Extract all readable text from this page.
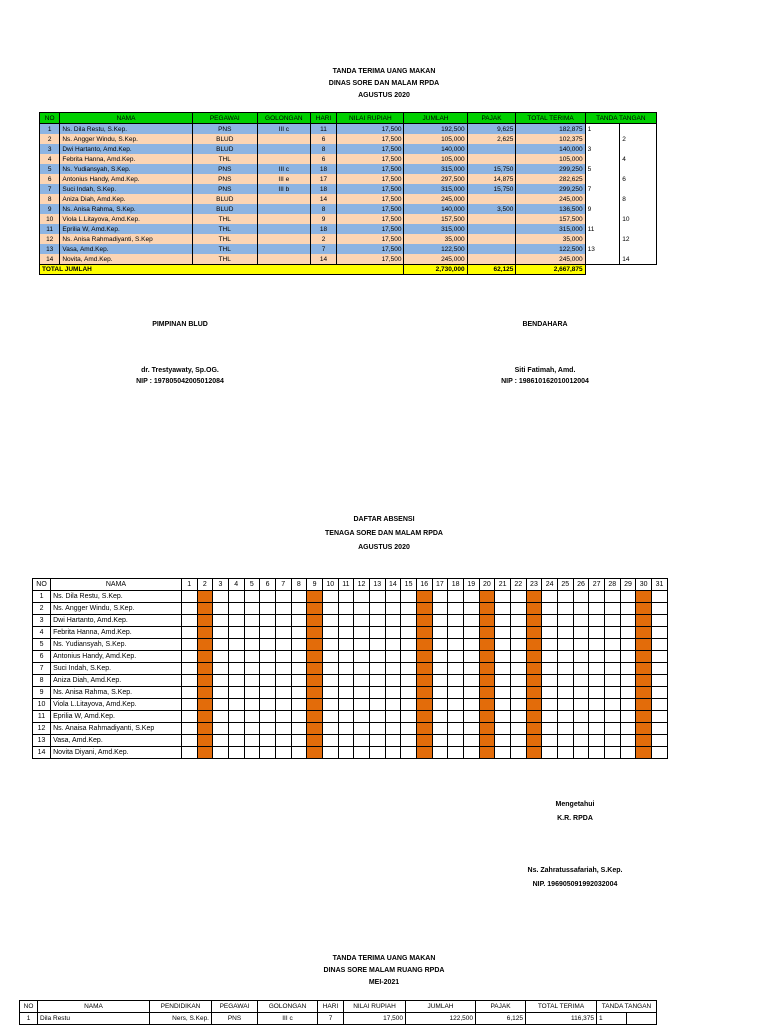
TANDA TERIMA UANG MAKAN
DINAS SORE DAN MALAM RPDA
AGUSTUS 2020
NO	NAMA	PEGAWAI	GOLONGAN	HARI	NILAI RUPIAH	JUMLAH	PAJAK	TOTAL TERIMA	TANDA TANGAN	
1	Ns. Dila Restu, S.Kep.	PNS	III c	11	17,500	192,500	9,625	182,875	1	
2	Ns. Angger Windu, S.Kep.	BLUD		6	17,500	105,000	2,625	102,375		2
3	Dwi Hartanto, Amd.Kep.	BLUD		8	17,500	140,000		140,000	3	
4	Febrita Hanna, Amd.Kep.	THL		6	17,500	105,000		105,000		4
5	Ns. Yudiansyah, S.Kep.	PNS	III c	18	17,500	315,000	15,750	299,250	5	
6	Antonius Handy, Amd.Kep.	PNS	III e	17	17,500	297,500	14,875	282,625		6
7	Suci Indah, S.Kep.	PNS	III b	18	17,500	315,000	15,750	299,250	7	
8	Aniza Diah, Amd.Kep.	BLUD		14	17,500	245,000		245,000		8
9	Ns. Anisa Rahma, S.Kep.	BLUD		8	17,500	140,000	3,500	136,500	9	
10	Viola L.Litayova, Amd.Kep.	THL		9	17,500	157,500		157,500		10
11	Eprilia W, Amd.Kep.	THL		18	17,500	315,000		315,000	11	
12	Ns. Anisa Rahmadiyanti, S.Kep	THL		2	17,500	35,000		35,000		12
13	Vasa, Amd.Kep.	THL		7	17,500	122,500		122,500	13	
14	Novita, Amd.Kep.	THL		14	17,500	245,000		245,000		14
TOTAL JUMLAH						2,730,000	62,125	2,667,875		
PIMPINAN BLUD
dr. Trestyawaty, Sp.OG.
NIP : 197805042005012084
BENDAHARA
Siti Fatimah, Amd.
NIP : 198610162010012004
DAFTAR ABSENSI
TENAGA SORE DAN MALAM RPDA
AGUSTUS 2020
NO	NAMA	1	2	3	4	5	6	7	8	9	10	11	12	13	14	15	16	17	18	19	20	21	22	23	24	25	26	27	28	29	30	31
1	Ns. Dila Restu, S.Kep.																															
2	Ns. Angger Windu, S.Kep.																															
3	Dwi Hartanto, Amd.Kep.																															
4	Febrita Hanna, Amd.Kep.																															
5	Ns. Yudiansyah, S.Kep.																															
6	Antonius Handy, Amd.Kep.																															
7	Suci Indah, S.Kep.																															
8	Aniza Diah, Amd.Kep.																															
9	Ns. Anisa Rahma, S.Kep.																															
10	Viola L.Litayova, Amd.Kep.																															
11	Eprilia W, Amd.Kep.																															
12	Ns. Anaisa Rahmadiyanti, S.Kep																															
13	Vasa, Amd.Kep.																															
14	Novita Diyani, Amd.Kep.																															
Mengetahui
K.R. RPDA
Ns. Zahratussafariah, S.Kep.
NIP. 196905091992032004
TANDA TERIMA UANG MAKAN
DINAS SORE MALAM RUANG RPDA
MEI-2021
NO	NAMA	PENDIDIKAN	PEGAWAI	GOLONGAN	HARI	NILAI RUPIAH	JUMLAH	PAJAK	TOTAL TERIMA	TANDA TANGAN	
1	Dila Restu	Ners, S.Kep.	PNS	III c	7	17,500	122,500	6,125	116,375	1	
